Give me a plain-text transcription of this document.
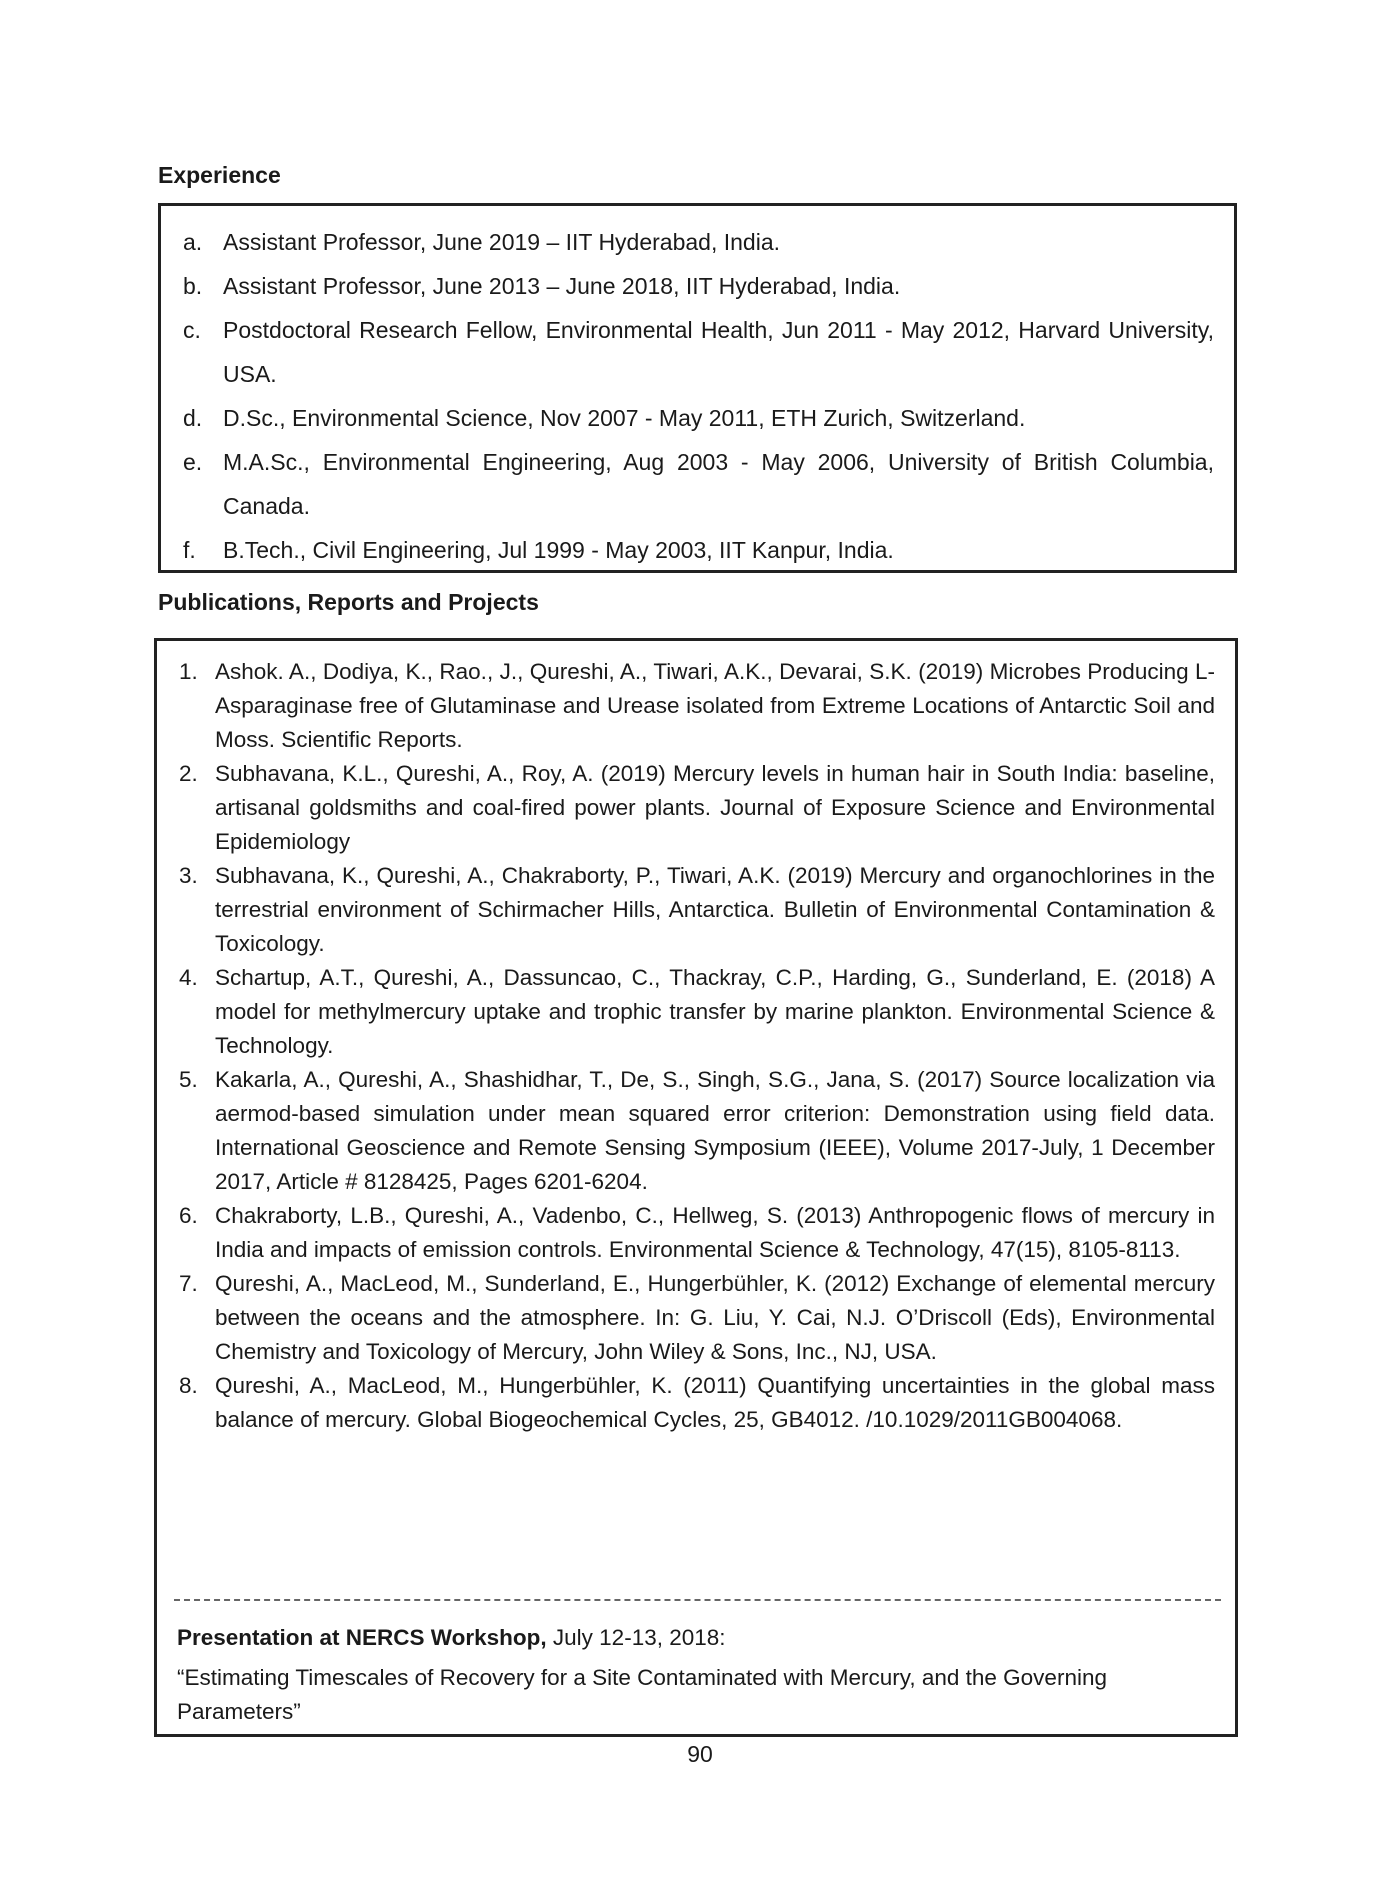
Experience
a. Assistant Professor, June 2019 – IIT Hyderabad, India.
b. Assistant Professor, June 2013 – June 2018, IIT Hyderabad, India.
c. Postdoctoral Research Fellow, Environmental Health, Jun 2011 - May 2012, Harvard University, USA.
d. D.Sc., Environmental Science, Nov 2007 - May 2011, ETH Zurich, Switzerland.
e. M.A.Sc., Environmental Engineering, Aug 2003 - May 2006, University of British Columbia, Canada.
f.	B.Tech., Civil Engineering, Jul 1999 - May 2003, IIT Kanpur, India.
Publications, Reports and Projects
1. Ashok. A., Dodiya, K., Rao., J., Qureshi, A., Tiwari, A.K., Devarai, S.K. (2019) Microbes Producing L-Asparaginase free of Glutaminase and Urease isolated from Extreme Locations of Antarctic Soil and Moss. Scientific Reports.
2. Subhavana, K.L., Qureshi, A., Roy, A. (2019) Mercury levels in human hair in South India: baseline, artisanal goldsmiths and coal-fired power plants. Journal of Exposure Science and Environmental Epidemiology
3. Subhavana, K., Qureshi, A., Chakraborty, P., Tiwari, A.K. (2019) Mercury and organochlorines in the terrestrial environment of Schirmacher Hills, Antarctica. Bulletin of Environmental Contamination & Toxicology.
4. Schartup, A.T., Qureshi, A., Dassuncao, C., Thackray, C.P., Harding, G., Sunderland, E. (2018) A model for methylmercury uptake and trophic transfer by marine plankton. Environmental Science & Technology.
5. Kakarla, A., Qureshi, A., Shashidhar, T., De, S., Singh, S.G., Jana, S. (2017) Source localization via aermod-based simulation under mean squared error criterion: Demonstration using field data. International Geoscience and Remote Sensing Symposium (IEEE), Volume 2017-July, 1 December 2017, Article # 8128425, Pages 6201-6204.
6. Chakraborty, L.B., Qureshi, A., Vadenbo, C., Hellweg, S. (2013) Anthropogenic flows of mercury in India and impacts of emission controls. Environmental Science & Technology, 47(15), 8105-8113.
7. Qureshi, A., MacLeod, M., Sunderland, E., Hungerbühler, K. (2012) Exchange of elemental mercury between the oceans and the atmosphere. In: G. Liu, Y. Cai, N.J. O’Driscoll (Eds), Environmental Chemistry and Toxicology of Mercury, John Wiley & Sons, Inc., NJ, USA.
8. Qureshi, A., MacLeod, M., Hungerbühler, K. (2011) Quantifying uncertainties in the global mass balance of mercury. Global Biogeochemical Cycles, 25, GB4012. /10.1029/2011GB004068.
Presentation at NERCS Workshop, July 12-13, 2018:
“Estimating Timescales of Recovery for a Site Contaminated with Mercury, and the Governing Parameters”
90
